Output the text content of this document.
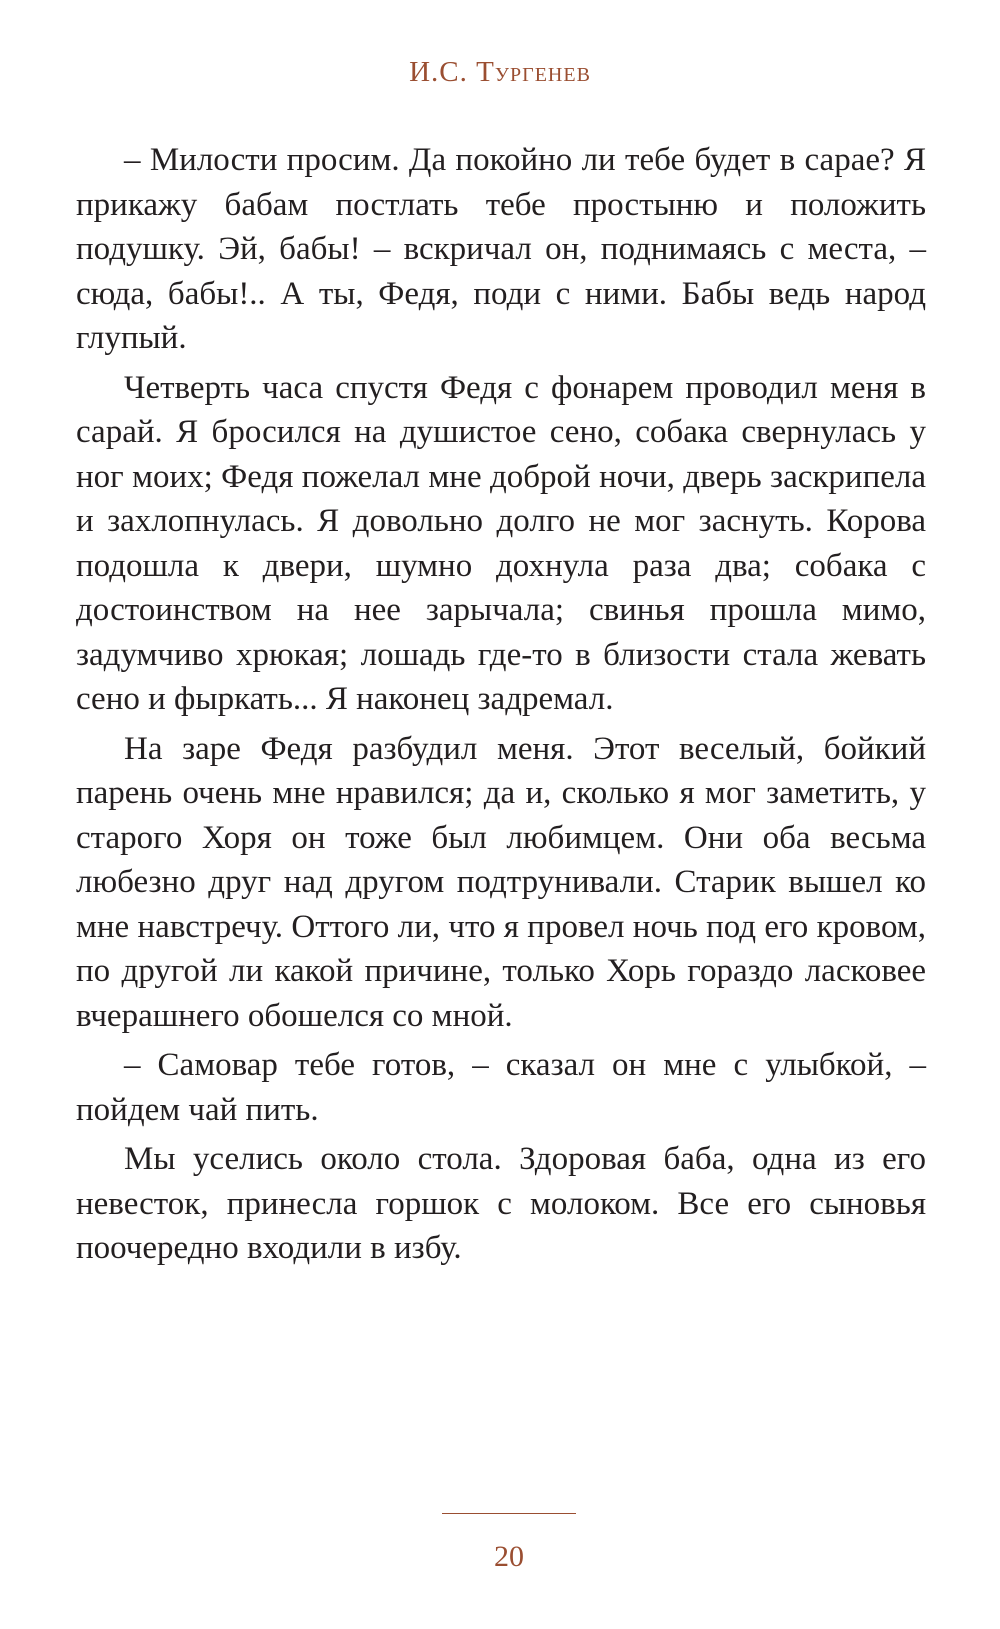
И.С. Тургенев

– Милости просим. Да покойно ли тебе будет в сарае? Я прикажу бабам постлать тебе простыню и положить подушку. Эй, бабы! – вскричал он, поднимаясь с места, – сюда, бабы!.. А ты, Федя, поди с ними. Бабы ведь народ глупый.

Четверть часа спустя Федя с фонарем проводил меня в сарай. Я бросился на душистое сено, собака свернулась у ног моих; Федя пожелал мне доброй ночи, дверь заскрипела и захлопнулась. Я довольно долго не мог заснуть. Корова подошла к двери, шумно дохнула раза два; собака с достоинством на нее зарычала; свинья прошла мимо, задумчиво хрюкая; лошадь где-то в близости стала жевать сено и фыркать... Я наконец задремал.

На заре Федя разбудил меня. Этот веселый, бойкий парень очень мне нравился; да и, сколько я мог заметить, у старого Хоря он тоже был любимцем. Они оба весьма любезно друг над другом подтрунивали. Старик вышел ко мне навстречу. Оттого ли, что я провел ночь под его кровом, по другой ли какой причине, только Хорь гораздо ласковее вчерашнего обошелся со мной.

– Самовар тебе готов, – сказал он мне с улыбкой, – пойдем чай пить.

Мы уселись около стола. Здоровая баба, одна из его невесток, принесла горшок с молоком. Все его сыновья поочередно входили в избу.

20
